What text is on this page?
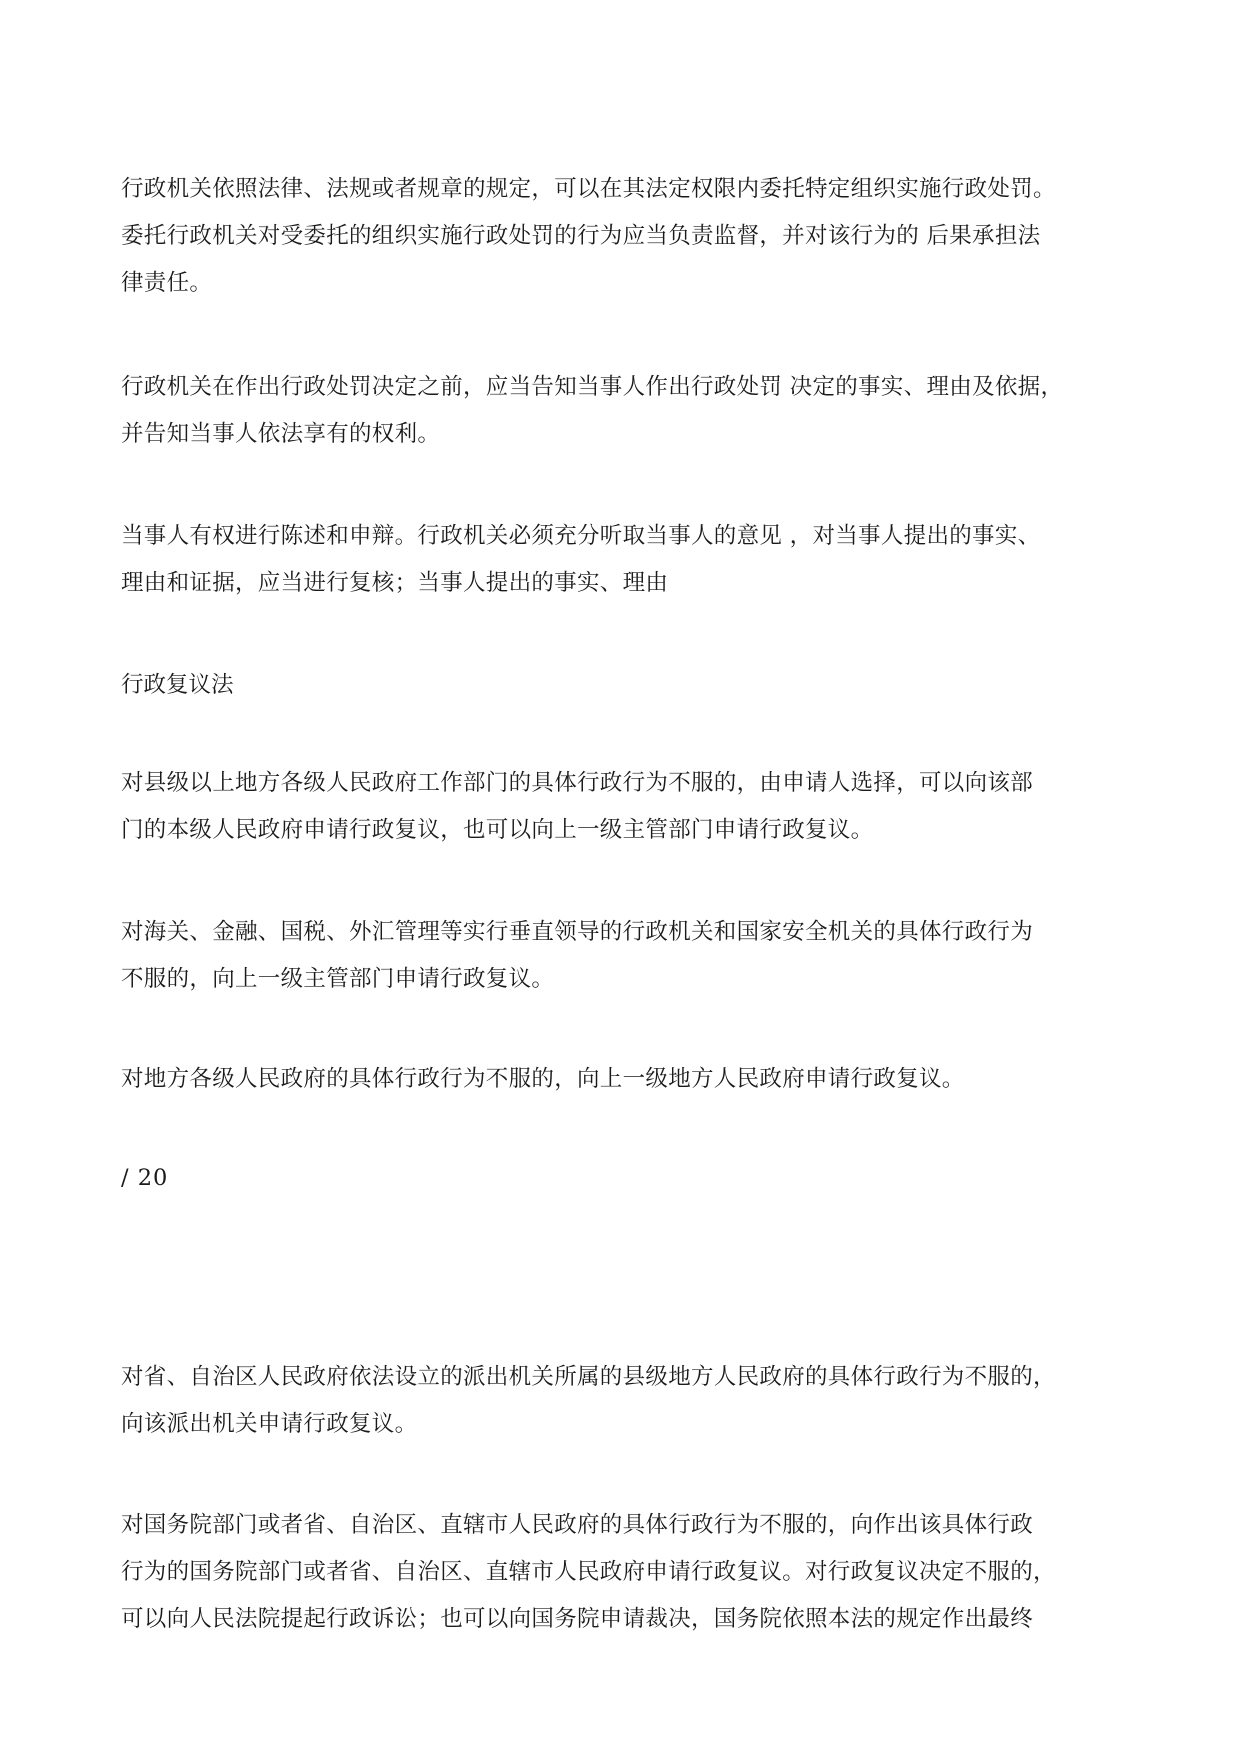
行政机关依照法律、法规或者规章的规定，可以在其法定权限内委托特定组织实施行政处罚。
委托行政机关对受委托的组织实施行政处罚的行为应当负责监督，并对该行为的 后果承担法
律责任。

行政机关在作出行政处罚决定之前，应当告知当事人作出行政处罚 决定的事实、理由及依据，
并告知当事人依法享有的权利。

当事人有权进行陈述和申辩。行政机关必须充分听取当事人的意见 ，对当事人提出的事实、
理由和证据，应当进行复核；当事人提出的事实、理由

行政复议法

对县级以上地方各级人民政府工作部门的具体行政行为不服的，由申请人选择，可以向该部
门的本级人民政府申请行政复议，也可以向上一级主管部门申请行政复议。

对海关、金融、国税、外汇管理等实行垂直领导的行政机关和国家安全机关的具体行政行为
不服的，向上一级主管部门申请行政复议。

对地方各级人民政府的具体行政行为不服的，向上一级地方人民政府申请行政复议。

/ 20

对省、自治区人民政府依法设立的派出机关所属的县级地方人民政府的具体行政行为不服的，
向该派出机关申请行政复议。

对国务院部门或者省、自治区、直辖市人民政府的具体行政行为不服的，向作出该具体行政
行为的国务院部门或者省、自治区、直辖市人民政府申请行政复议。对行政复议决定不服的，
可以向人民法院提起行政诉讼；也可以向国务院申请裁决，国务院依照本法的规定作出最终
